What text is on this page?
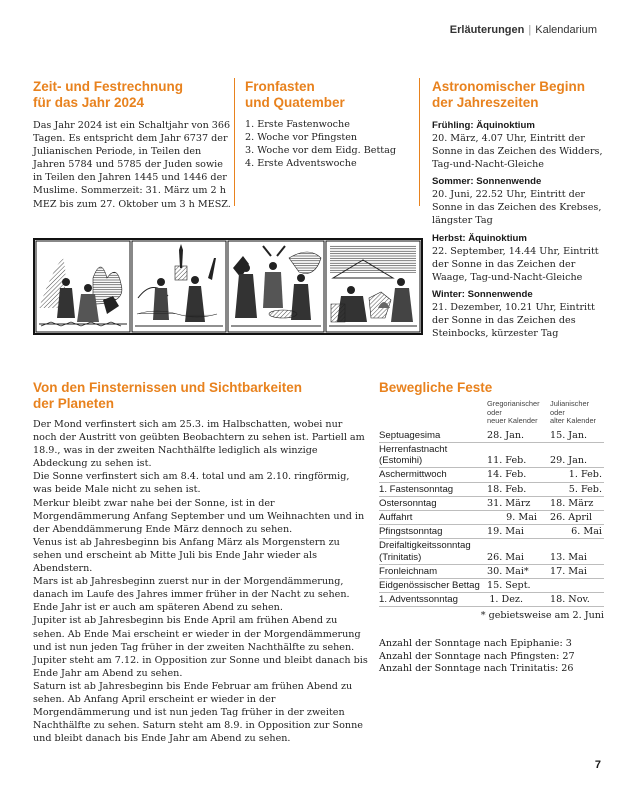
Erläuterungen | Kalendarium
Zeit- und Festrechnung
für das Jahr 2024
Das Jahr 2024 ist ein Schaltjahr von 366 Tagen. Es entspricht dem Jahr 6737 der Julianischen Periode, in Teilen den Jahren 5784 und 5785 der Juden sowie in Teilen den Jahren 1445 und 1446 der Muslime. Sommerzeit: 31. März um 2 h MEZ bis zum 27. Oktober um 3 h MESZ.
Fronfasten
und Quatember
1. Erste Fastenwoche
2. Woche vor Pfingsten
3. Woche vor dem Eidg. Bettag
4. Erste Adventswoche
Astronomischer Beginn
der Jahreszeiten
Frühling: Äquinoktium
20. März, 4.07 Uhr, Eintritt der Sonne in das Zeichen des Widders, Tag-und-Nacht-Gleiche
Sommer: Sonnenwende
20. Juni, 22.52 Uhr, Eintritt der Sonne in das Zeichen des Krebses, längster Tag
Herbst: Äquinoktium
22. September, 14.44 Uhr, Eintritt der Sonne in das Zeichen der Waage, Tag-und-Nacht-Gleiche
Winter: Sonnenwende
21. Dezember, 10.21 Uhr, Eintritt der Sonne in das Zeichen des Steinbocks, kürzester Tag
Von den Finsternissen und Sichtbarkeiten
der Planeten

Der Mond verfinstert sich am 25.3. im Halbschatten, wobei nur noch der Austritt von geübten Beobachtern zu sehen ist. Partiell am 18.9., was in der zweiten Nachthälfte lediglich als winzige Abdeckung zu sehen ist.

Die Sonne verfinstert sich am 8.4. total und am 2.10. ringförmig, was beide Male nicht zu sehen ist.

Merkur bleibt zwar nahe bei der Sonne, ist in der Morgendämmerung Anfang September und um Weihnachten und in der Abenddämmerung Ende März dennoch zu sehen.

Venus ist ab Jahresbeginn bis Anfang März als Morgenstern zu sehen und erscheint ab Mitte Juli bis Ende Jahr wieder als Abendstern.

Mars ist ab Jahresbeginn zuerst nur in der Morgendämmerung, danach im Laufe des Jahres immer früher in der Nacht zu sehen. Ende Jahr ist er auch am späteren Abend zu sehen.

Jupiter ist ab Jahresbeginn bis Ende April am frühen Abend zu sehen. Ab Ende Mai erscheint er wieder in der Morgendämmerung und ist nun jeden Tag früher in der zweiten Nachthälfte zu sehen. Jupiter steht am 7.12. in Opposition zur Sonne und bleibt danach bis Ende Jahr am Abend zu sehen.

Saturn ist ab Jahresbeginn bis Ende Februar am frühen Abend zu sehen. Ab Anfang April erscheint er wieder in der Morgendämmerung und ist nun jeden Tag früher in der zweiten Nachthälfte zu sehen. Saturn steht am 8.9. in Opposition zur Sonne und bleibt danach bis Ende Jahr am Abend zu sehen.

Bewegliche Feste
Gregorianischer
oder
neuer Kalender
Julianischer
oder
alter Kalender
Septuagesima	28. Jan.	15. Jan.
Herrenfastnacht
(Estomihi)	11. Feb.	29. Jan.
Aschermittwoch	14. Feb.	1. Feb.
1. Fastensonntag	18. Feb.	5. Feb.
Ostersonntag	31. März	18. März
Auffahrt	9. Mai	26. April
Pfingstsonntag	19. Mai	6. Mai
Dreifaltigkeitssonntag
(Trinitatis)	26. Mai	13. Mai
Fronleichnam	30. Mai*	17. Mai
Eidgenössischer Bettag	15. Sept.	
1. Adventssonntag	1. Dez.	18. Nov.
* gebietsweise am 2. Juni
Anzahl der Sonntage nach Epiphanie: 3
Anzahl der Sonntage nach Pfingsten: 27
Anzahl der Sonntage nach Trinitatis: 26
7
